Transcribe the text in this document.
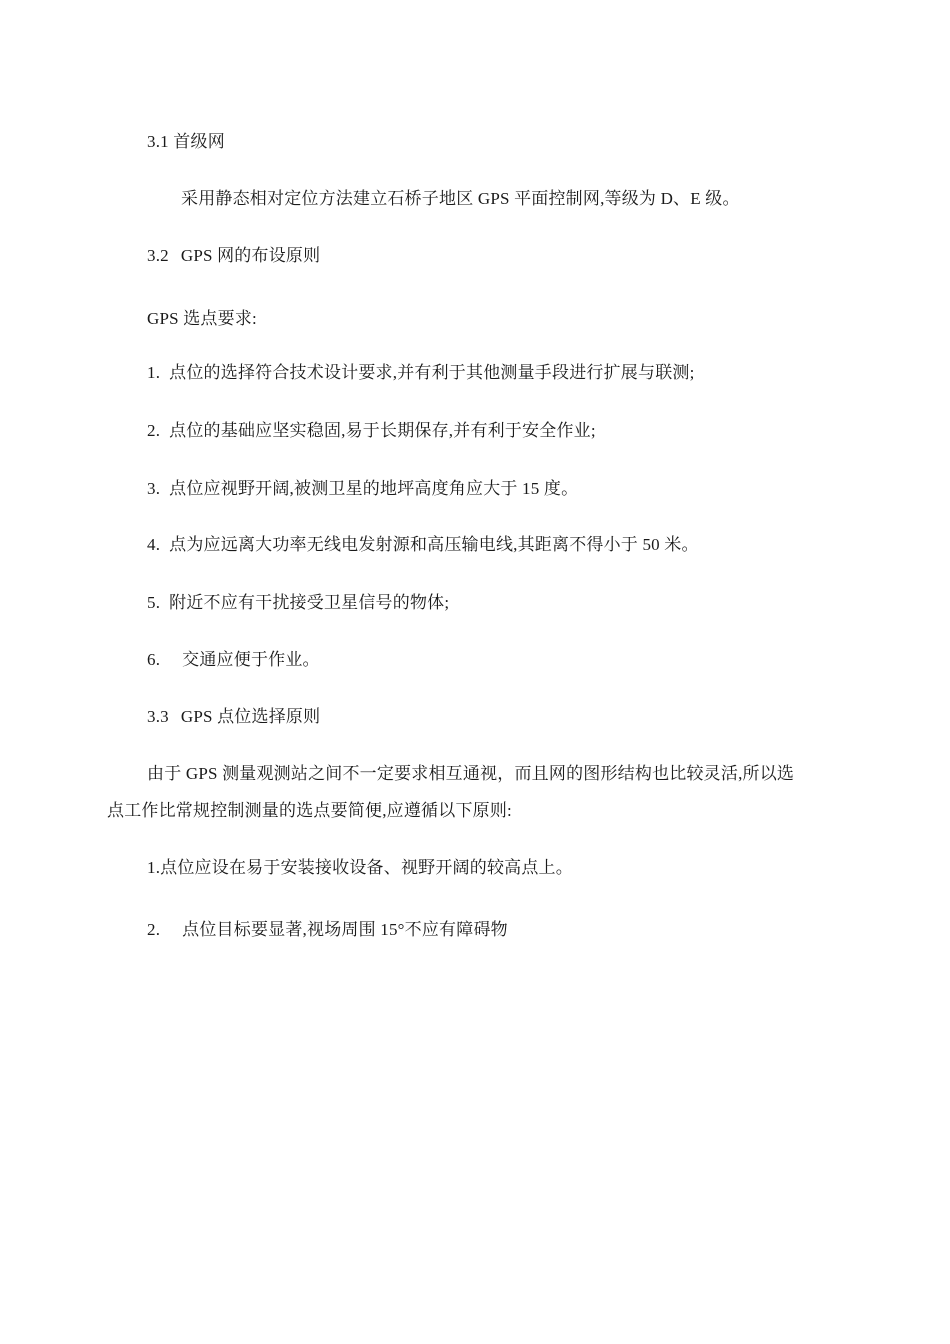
3.1 首级网
采用静态相对定位方法建立石桥子地区 GPS 平面控制网,等级为 D、E 级。
3.2 GPS 网的布设原则
GPS 选点要求:
1. 点位的选择符合技术设计要求,并有利于其他测量手段进行扩展与联测;
2. 点位的基础应坚实稳固,易于长期保存,并有利于安全作业;
3. 点位应视野开阔,被测卫星的地坪高度角应大于 15 度。
4. 点为应远离大功率无线电发射源和高压输电线,其距离不得小于 50 米。
5. 附近不应有干扰接受卫星信号的物体;
6. 交通应便于作业。
3.3 GPS 点位选择原则
由于 GPS 测量观测站之间不一定要求相互通视，而且网的图形结构也比较灵活,所以选
点工作比常规控制测量的选点要简便,应遵循以下原则:
1.点位应设在易于安装接收设备、视野开阔的较高点上。
2. 点位目标要显著,视场周围 15°不应有障碍物
